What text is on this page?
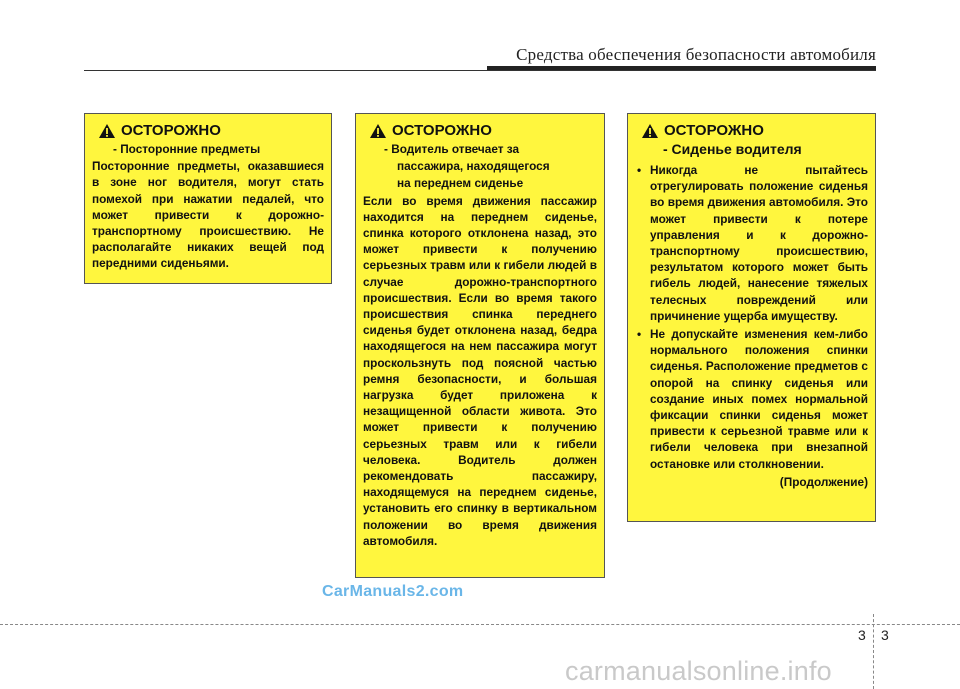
Средства обеспечения безопасности автомобиля
ОСТОРОЖНО
- Посторонние предметы
Посторонние предметы, оказавшиеся в зоне ног водителя, могут стать помехой при нажатии педалей, что может привести к дорожно-транспортному происшествию. Не располагайте никаких вещей под передними сиденьями.
ОСТОРОЖНО
- Водитель отвечает за
пассажира, находящегося
на переднем сиденье
Если во время движения пассажир находится на переднем сиденье, спинка которого отклонена назад, это может привести к получению серьезных травм или к гибели людей в случае дорожно-транспортного происшествия. Если во время такого происшествия спинка переднего сиденья будет отклонена назад, бедра находящегося на нем пассажира могут проскользнуть под поясной частью ремня безопасности, и большая нагрузка будет приложена к незащищенной области живота. Это может привести к получению серьезных травм или к гибели человека. Водитель должен рекомендовать пассажиру, находящемуся на переднем сиденье, установить его спинку в вертикальном положении во время движения автомобиля.
ОСТОРОЖНО
- Сиденье водителя
• Никогда не пытайтесь отрегулировать положение сиденья во время движения автомобиля. Это может привести к потере управления и к дорожно-транспортному происшествию, результатом которого может быть гибель людей, нанесение тяжелых телесных повреждений или причинение ущерба имуществу.
• Не допускайте изменения кем-либо нормального положения спинки сиденья. Расположение предметов с опорой на спинку сиденья или создание иных помех нормальной фиксации спинки сиденья может привести к серьезной травме или к гибели человека при внезапной остановке или столкновении.
(Продолжение)
CarManuals2.com
3 3
carmanualsonline.info
